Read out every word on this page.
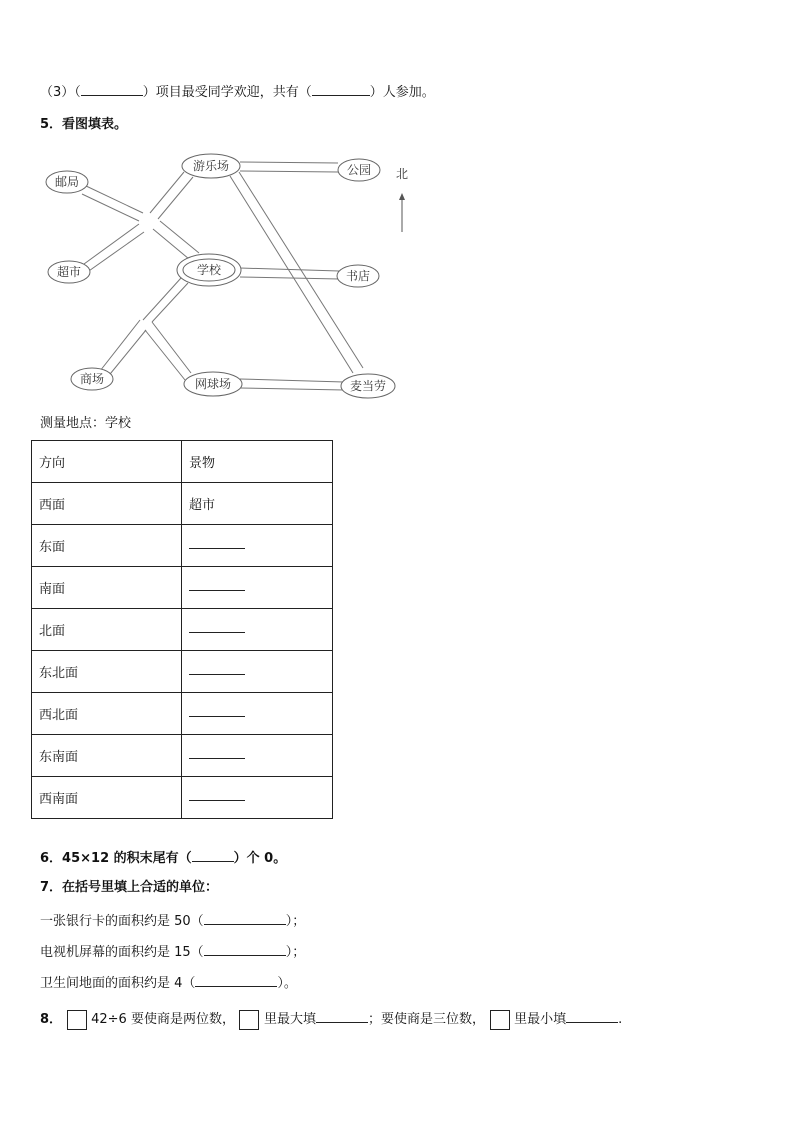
（3）（	）项目最受同学欢迎，共有（	）人参加。
5．看图填表。
游乐场	公园
邮局
学校	书店
超市
商场	网球场	麦当劳
北
测量地点：学校
方向	景物
西面	超市
东面	
南面	
北面	
东北面	
西北面	
东南面	
西南面	
6．45×12 的积末尾有（	）个 0。
7．在括号里填上合适的单位：
一张银行卡的面积约是 50（	）；
电视机屏幕的面积约是 15（	）；
卫生间地面的面积约是 4（	）。
8． 42÷6 要使商是两位数， 里最大填	；要使商是三位数， 里最小填	.
